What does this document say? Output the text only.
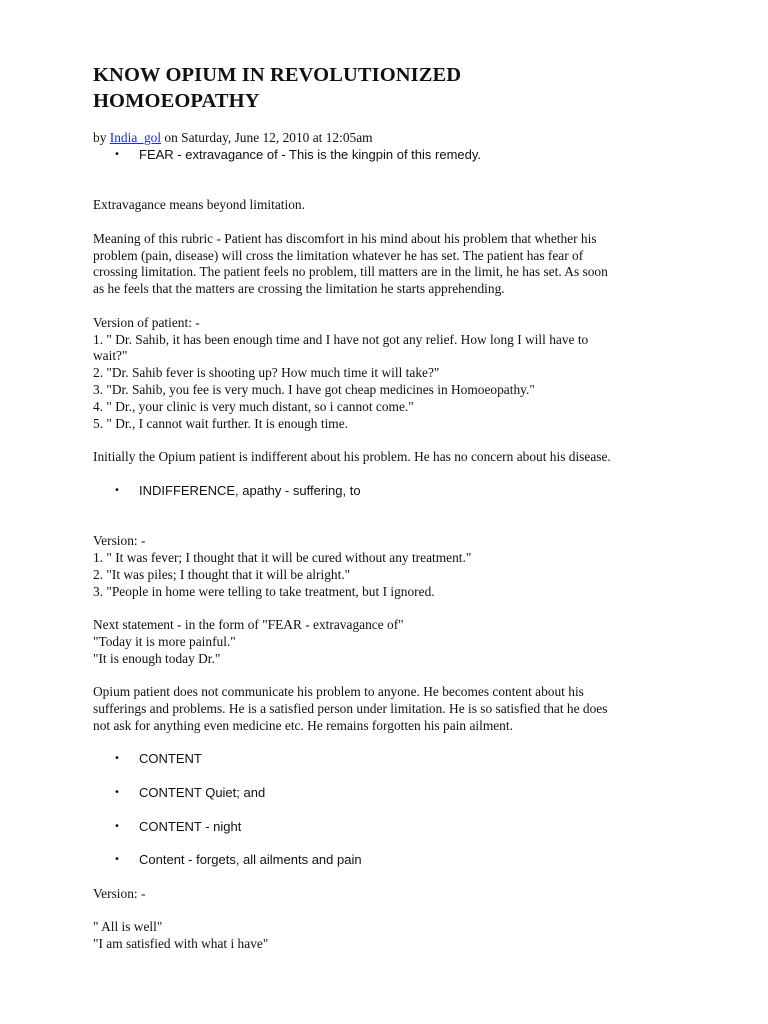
KNOW OPIUM IN REVOLUTIONIZED
HOMOEOPATHY
by India_gol on Saturday, June 12, 2010 at 12:05am
• FEAR - extravagance of - This is the kingpin of this remedy.

Extravagance means beyond limitation.

Meaning of this rubric - Patient has discomfort in his mind about his problem that whether his
problem (pain, disease) will cross the limitation whatever he has set. The patient has fear of
crossing limitation. The patient feels no problem, till matters are in the limit, he has set. As soon
as he feels that the matters are crossing the limitation he starts apprehending.

Version of patient: -
1. " Dr. Sahib, it has been enough time and I have not got any relief. How long I will have to
wait?"
2. "Dr. Sahib fever is shooting up? How much time it will take?"
3. "Dr. Sahib, you fee is very much. I have got cheap medicines in Homoeopathy."
4. " Dr., your clinic is very much distant, so i cannot come."
5. " Dr., I cannot wait further. It is enough time.

Initially the Opium patient is indifferent about his problem. He has no concern about his disease.

• INDIFFERENCE, apathy - suffering, to

Version: -
1. " It was fever; I thought that it will be cured without any treatment."
2. "It was piles; I thought that it will be alright."
3. "People in home were telling to take treatment, but I ignored.

Next statement - in the form of "FEAR - extravagance of"
"Today it is more painful."
"It is enough today Dr."

Opium patient does not communicate his problem to anyone. He becomes content about his
sufferings and problems. He is a satisfied person under limitation. He is so satisfied that he does
not ask for anything even medicine etc. He remains forgotten his pain ailment.

• CONTENT
• CONTENT Quiet; and
• CONTENT - night
• Content - forgets, all ailments and pain

Version: -

" All is well"
"I am satisfied with what i have"
